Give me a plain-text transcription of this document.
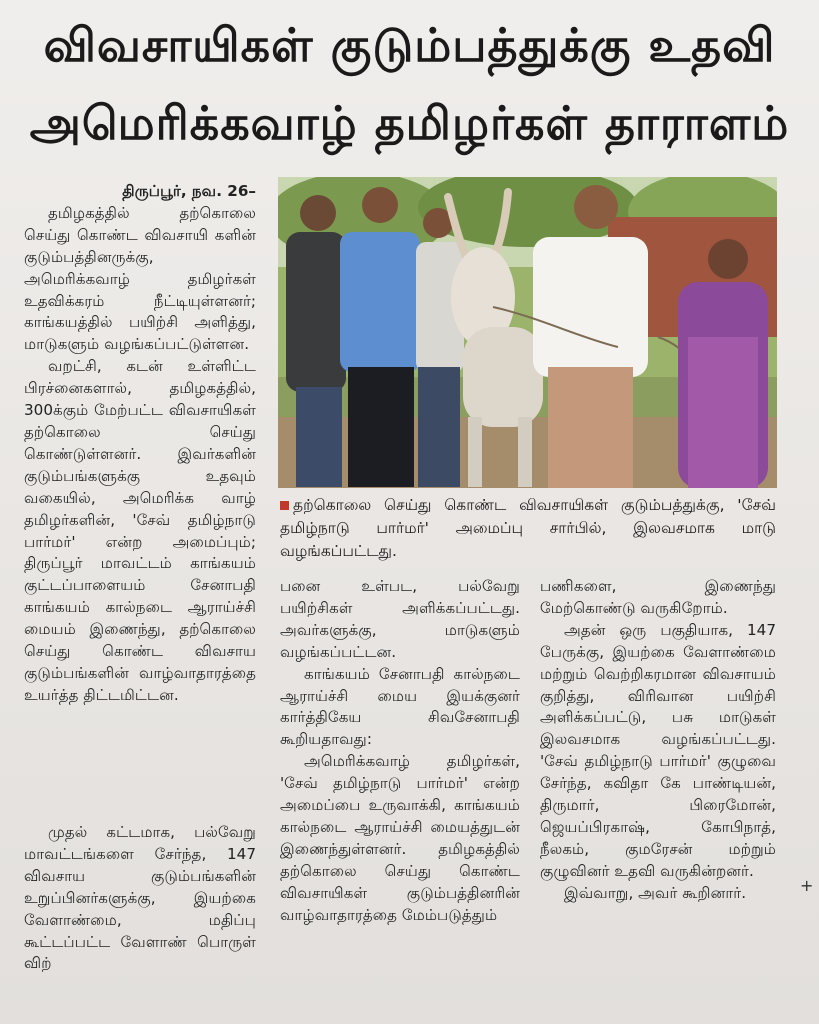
விவசாயிகள் குடும்பத்துக்கு உதவி
அமெரிக்கவாழ் தமிழர்கள் தாராளம்

திருப்பூர், நவ. 26–

தமிழகத்தில் தற்கொலை செய்து கொண்ட விவசாயி களின் குடும்பத்தினருக்கு, அமெரிக்கவாழ் தமிழர்கள் உதவிக்கரம் நீட்டியுள்ளனர்; காங்கயத்தில் பயிற்சி அளித்து, மாடுகளும் வழங்கப்பட்டுள்ளன.

வறட்சி, கடன் உள்ளிட்ட பிரச்னைகளால், தமிழகத்தில், 300க்கும் மேற்பட்ட விவசாயிகள் தற்கொலை செய்து கொண்டுள்ளனர். இவர்களின் குடும்பங்களுக்கு உதவும் வகையில், அமெரிக்க வாழ் தமிழர்களின், 'சேவ் தமிழ்நாடு பார்மர்' என்ற அமைப்பும்; திருப்பூர் மாவட்டம் காங்கயம் குட்டப்பாளையம் சேனாபதி காங்கயம் கால்நடை ஆராய்ச்சி மையம் இணைந்து, தற்கொலை செய்து கொண்ட விவசாய குடும்பங்களின் வாழ்வாதாரத்தை உயர்த்த திட்டமிட்டன.

முதல் கட்டமாக, பல்வேறு மாவட்டங்களை சேர்ந்த, 147 விவசாய குடும்பங்களின் உறுப்பினர்களுக்கு, இயற்கை வேளாண்மை, மதிப்பு கூட்டப்பட்ட வேளாண் பொருள் விற்

தற்கொலை செய்து கொண்ட விவசாயிகள் குடும்பத்துக்கு, 'சேவ் தமிழ்நாடு பார்மர்' அமைப்பு சார்பில், இலவசமாக மாடு வழங்கப்பட்டது.

பனை உள்பட, பல்வேறு பயிற்சிகள் அளிக்கப்பட்டது. அவர்களுக்கு, மாடுகளும் வழங்கப்பட்டன.

காங்கயம் சேனாபதி கால்நடை ஆராய்ச்சி மைய இயக்குனர் கார்த்திகேய சிவசேனாபதி கூறியதாவது:

அமெரிக்கவாழ் தமிழர்கள், 'சேவ் தமிழ்நாடு பார்மர்' என்ற அமைப்பை உருவாக்கி, காங்கயம் கால்நடை ஆராய்ச்சி மையத்துடன் இணைந்துள்ளனர். தமிழகத்தில் தற்கொலை செய்து கொண்ட விவசாயிகள் குடும்பத்தினரின் வாழ்வாதாரத்தை மேம்படுத்தும்

பணிகளை, இணைந்து மேற்கொண்டு வருகிறோம்.

அதன் ஒரு பகுதியாக, 147 பேருக்கு, இயற்கை வேளாண்மை மற்றும் வெற்றிகரமான விவசாயம் குறித்து, விரிவான பயிற்சி அளிக்கப்பட்டு, பசு மாடுகள் இலவசமாக வழங்கப்பட்டது. 'சேவ் தமிழ்நாடு பார்மர்' குழுவை சேர்ந்த, கவிதா கே பாண்டியன், திருமார், பிரைமோன், ஜெயப்பிரகாஷ், கோபிநாத், நீலகம், குமரேசன் மற்றும் குழுவினர் உதவி வருகின்றனர்.

இவ்வாறு, அவர் கூறினார்.	+
